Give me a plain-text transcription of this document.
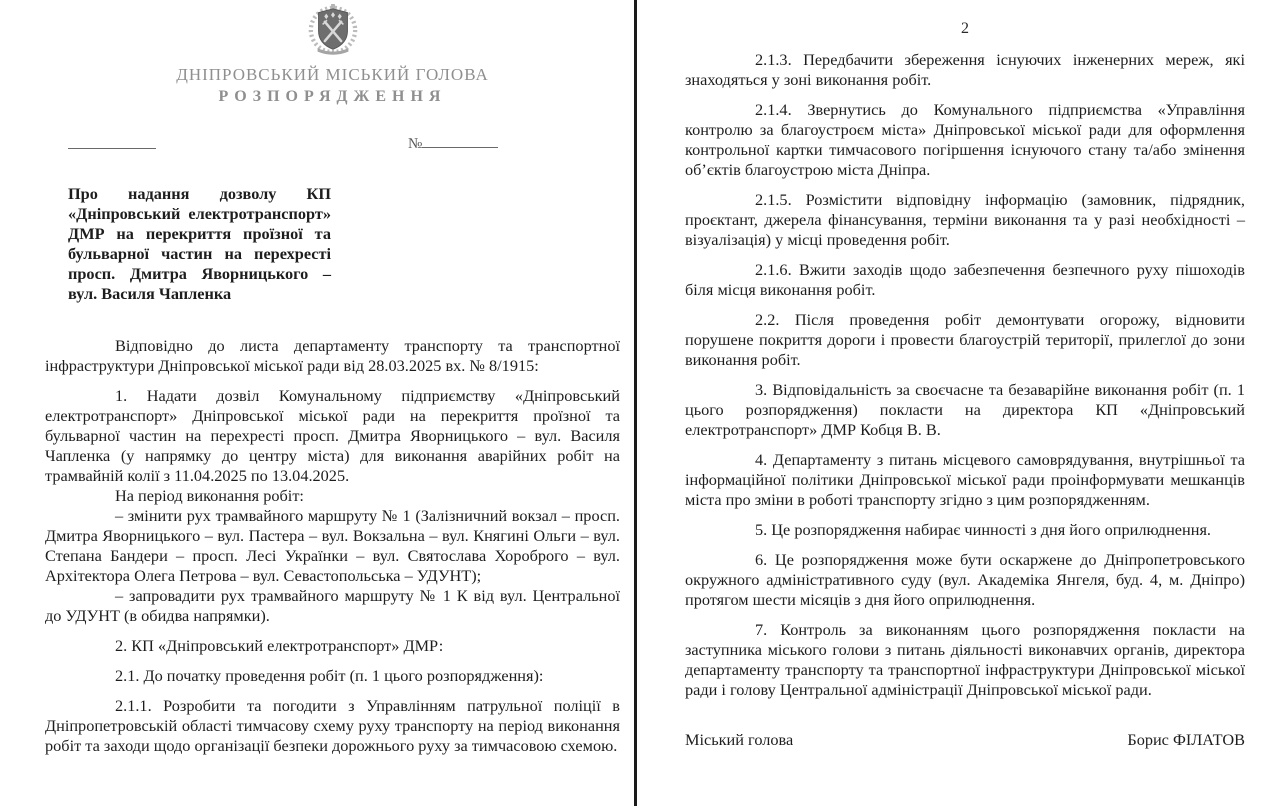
ДНІПРОВСЬКИЙ МІСЬКИЙ ГОЛОВА
РОЗПОРЯДЖЕННЯ
№
Про надання дозволу КП «Дніпровський електротранспорт» ДМР на перекриття проїзної та бульварної частин на перехресті просп. Дмитра Яворницького – вул. Василя Чапленка

Відповідно до листа департаменту транспорту та транспортної інфраструктури Дніпровської міської ради від 28.03.2025 вх. № 8/1915:

1. Надати дозвіл Комунальному підприємству «Дніпровський електротранспорт» Дніпровської міської ради на перекриття проїзної та бульварної частин на перехресті просп. Дмитра Яворницького – вул. Василя Чапленка (у напрямку до центру міста) для виконання аварійних робіт на трамвайній колії з 11.04.2025 по 13.04.2025.

На період виконання робіт:

– змінити рух трамвайного маршруту № 1 (Залізничний вокзал – просп. Дмитра Яворницького – вул. Пастера – вул. Вокзальна – вул. Княгині Ольги – вул. Степана Бандери – просп. Лесі Українки – вул. Святослава Хороброго – вул. Архітектора Олега Петрова – вул. Севастопольська – УДУНТ);

– запровадити рух трамвайного маршруту № 1 К від вул. Центральної до УДУНТ (в обидва напрямки).

2. КП «Дніпровський електротранспорт» ДМР:

2.1. До початку проведення робіт (п. 1 цього розпорядження):

2.1.1. Розробити та погодити з Управлінням патрульної поліції в Дніпропетровській області тимчасову схему руху транспорту на період виконання робіт та заходи щодо організації безпеки дорожнього руху за тимчасовою схемою.

2

2.1.3. Передбачити збереження існуючих інженерних мереж, які знаходяться у зоні виконання робіт.

2.1.4. Звернутись до Комунального підприємства «Управління контролю за благоустроєм міста» Дніпровської міської ради для оформлення контрольної картки тимчасового погіршення існуючого стану та/або змінення об’єктів благоустрою міста Дніпра.

2.1.5. Розмістити відповідну інформацію (замовник, підрядник, проєктант, джерела фінансування, терміни виконання та у разі необхідності – візуалізація) у місці проведення робіт.

2.1.6. Вжити заходів щодо забезпечення безпечного руху пішоходів біля місця виконання робіт.

2.2. Після проведення робіт демонтувати огорожу, відновити порушене покриття дороги і провести благоустрій території, прилеглої до зони виконання робіт.

3. Відповідальність за своєчасне та безаварійне виконання робіт (п. 1 цього розпорядження) покласти на директора КП «Дніпровський електротранспорт» ДМР Кобця В. В.

4. Департаменту з питань місцевого самоврядування, внутрішньої та інформаційної політики Дніпровської міської ради проінформувати мешканців міста про зміни в роботі транспорту згідно з цим розпорядженням.

5. Це розпорядження набирає чинності з дня його оприлюднення.

6. Це розпорядження може бути оскаржене до Дніпропетровського окружного адміністративного суду (вул. Академіка Янгеля, буд. 4, м. Дніпро) протягом шести місяців з дня його оприлюднення.

7. Контроль за виконанням цього розпорядження покласти на заступника міського голови з питань діяльності виконавчих органів, директора департаменту транспорту та транспортної інфраструктури Дніпровської міської ради і голову Центральної адміністрації Дніпровської міської ради.

Міський голова	Борис ФІЛАТОВ
